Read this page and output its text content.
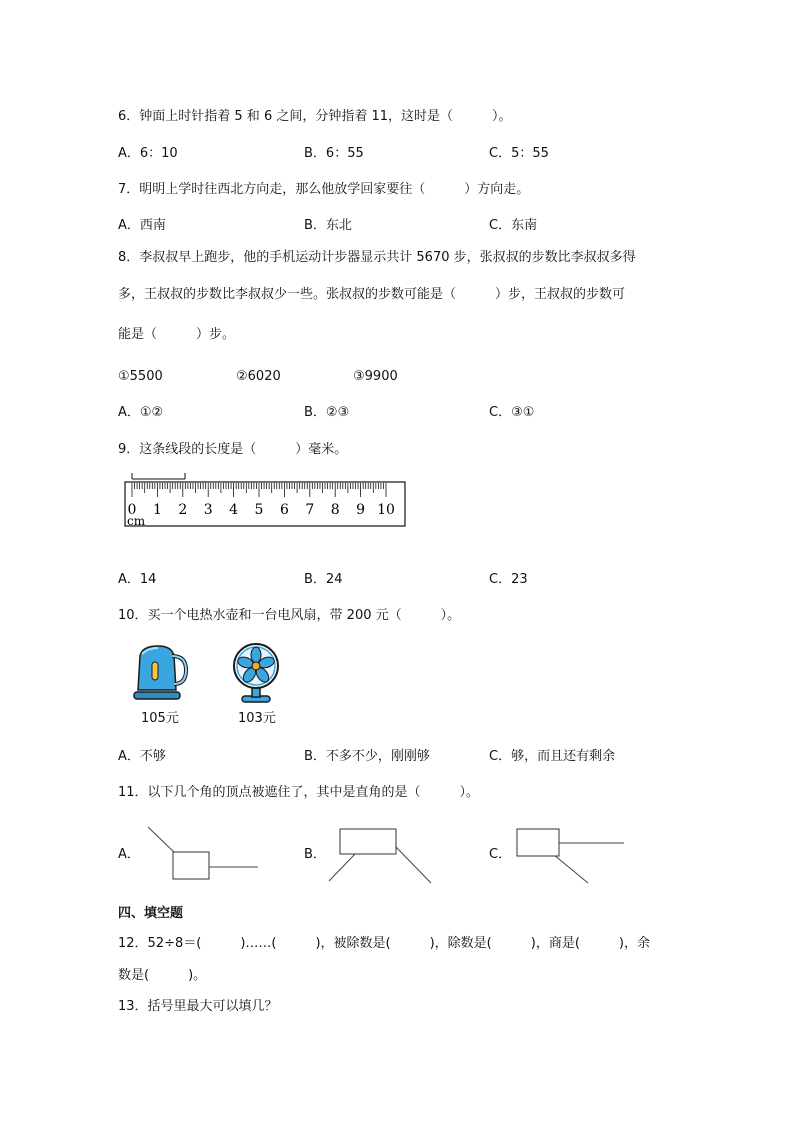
6．钟面上时针指着 5 和 6 之间，分钟指着 11，这时是（　　　）。
A．6：10	B．6：55	C．5：55
7．明明上学时往西北方向走，那么他放学回家要往（　　　）方向走。
A．西南	B．东北	C．东南
8．李叔叔早上跑步，他的手机运动计步器显示共计 5670 步，张叔叔的步数比李叔叔多得
多，王叔叔的步数比李叔叔少一些。张叔叔的步数可能是（　　　）步，王叔叔的步数可
能是（　　　）步。
①5500	②6020	③9900
A．①②	B．②③	C．③①
9．这条线段的长度是（　　　）毫米。
0 1 2 3 4 5 6 7 8 9 10
cm
A．14	B．24	C．23
10．买一个电热水壶和一台电风扇，带 200 元（　　　）。
105元	103元
A．不够	B．不多不少，刚刚够	C．够，而且还有剩余
11．以下几个角的顶点被遮住了，其中是直角的是（　　　）。
A．	B．	C．
四、填空题
12．52÷8＝(　　　)……(　　　)，被除数是(　　　)，除数是(　　　)，商是(　　　)，余
数是(　　　)。
13．括号里最大可以填几？
